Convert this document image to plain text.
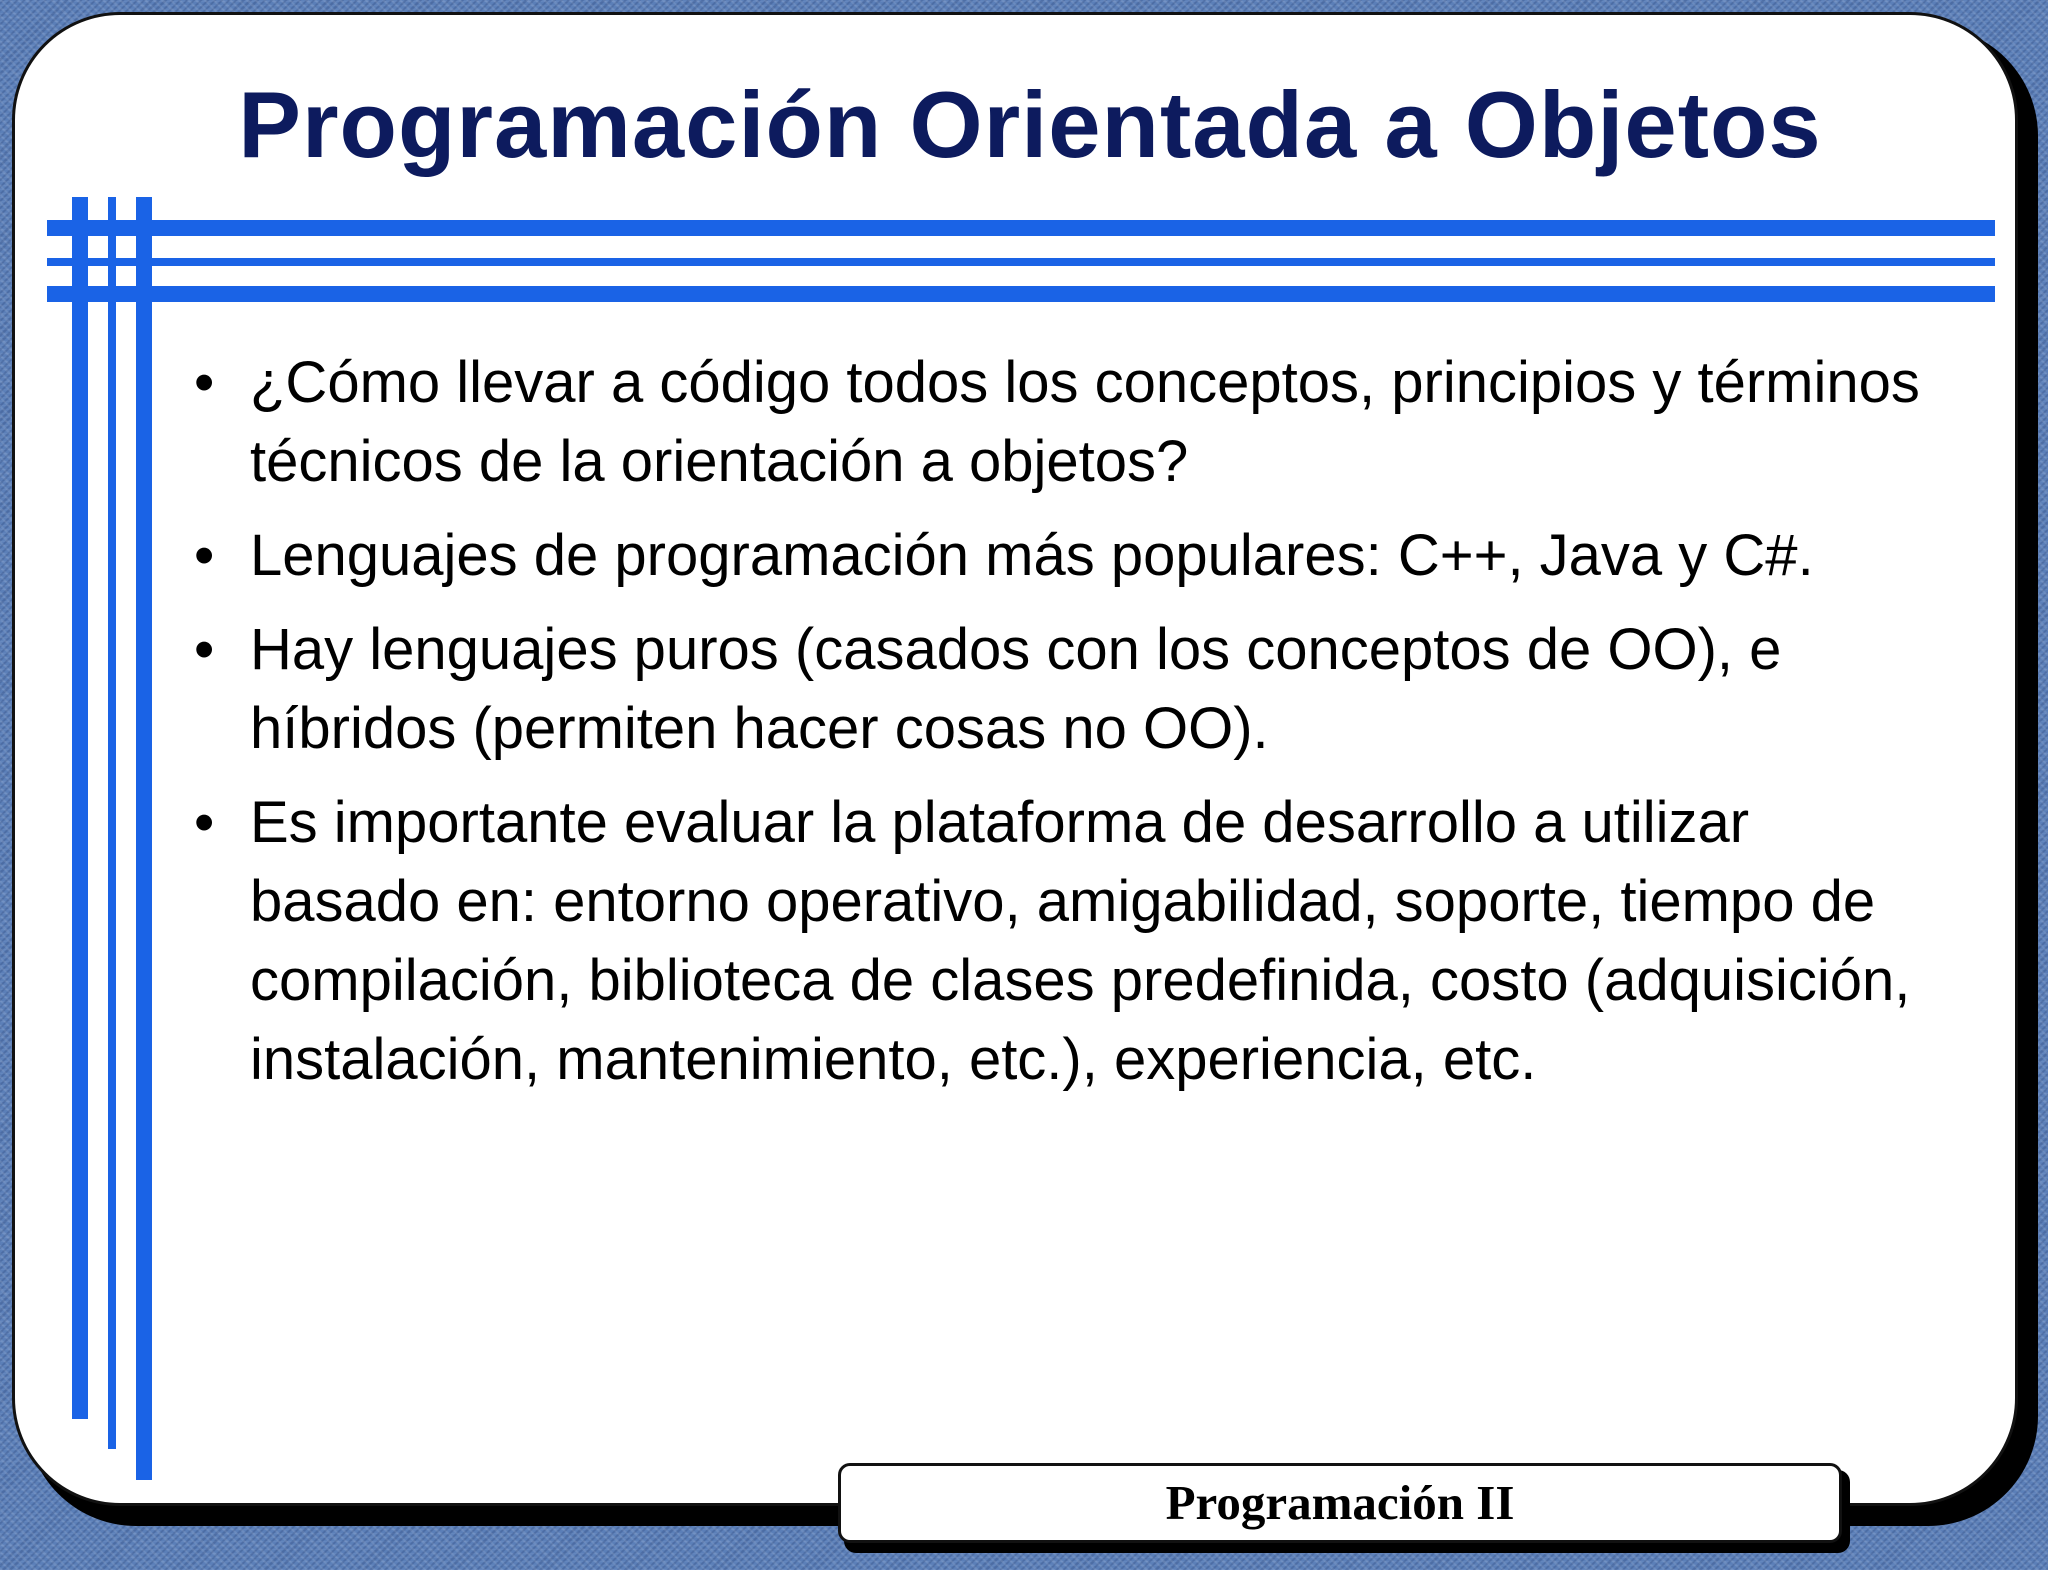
Programación Orientada a Objetos
• ¿Cómo llevar a código todos los conceptos, principios y términos técnicos de la orientación a objetos?
• Lenguajes de programación más populares: C++, Java y C#.
• Hay lenguajes puros (casados con los conceptos de OO), e híbridos (permiten hacer cosas no OO).
• Es importante evaluar la plataforma de desarrollo a utilizar basado en: entorno operativo, amigabilidad, soporte, tiempo de compilación, biblioteca de clases predefinida, costo (adquisición, instalación, mantenimiento, etc.), experiencia, etc.
Programación II
